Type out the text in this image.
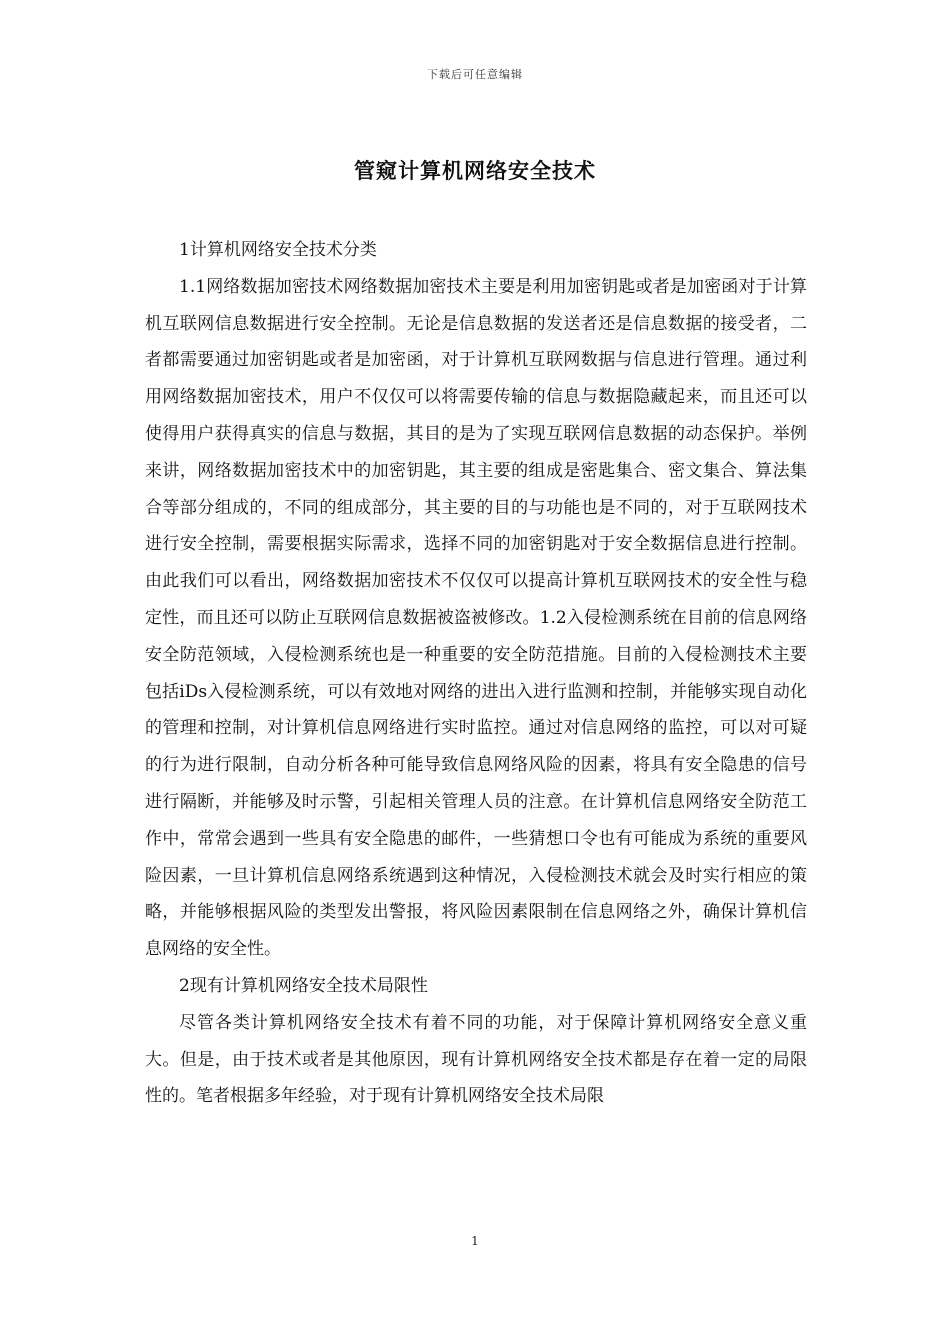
下载后可任意编辑
管窥计算机网络安全技术

1计算机网络安全技术分类

1.1网络数据加密技术网络数据加密技术主要是利用加密钥匙或者是加密函对于计算机互联网信息数据进行安全控制。无论是信息数据的发送者还是信息数据的接受者，二者都需要通过加密钥匙或者是加密函，对于计算机互联网数据与信息进行管理。通过利用网络数据加密技术，用户不仅仅可以将需要传输的信息与数据隐藏起来，而且还可以使得用户获得真实的信息与数据，其目的是为了实现互联网信息数据的动态保护。举例来讲，网络数据加密技术中的加密钥匙，其主要的组成是密匙集合、密文集合、算法集合等部分组成的，不同的组成部分，其主要的目的与功能也是不同的，对于互联网技术进行安全控制，需要根据实际需求，选择不同的加密钥匙对于安全数据信息进行控制。由此我们可以看出，网络数据加密技术不仅仅可以提高计算机互联网技术的安全性与稳定性，而且还可以防止互联网信息数据被盗被修改。1.2入侵检测系统在目前的信息网络安全防范领域，入侵检测系统也是一种重要的安全防范措施。目前的入侵检测技术主要包括iDs入侵检测系统，可以有效地对网络的进出入进行监测和控制，并能够实现自动化的管理和控制，对计算机信息网络进行实时监控。通过对信息网络的监控，可以对可疑的行为进行限制，自动分析各种可能导致信息网络风险的因素，将具有安全隐患的信号进行隔断，并能够及时示警，引起相关管理人员的注意。在计算机信息网络安全防范工作中，常常会遇到一些具有安全隐患的邮件，一些猜想口令也有可能成为系统的重要风险因素，一旦计算机信息网络系统遇到这种情况，入侵检测技术就会及时实行相应的策略，并能够根据风险的类型发出警报，将风险因素限制在信息网络之外，确保计算机信息网络的安全性。

2现有计算机网络安全技术局限性

尽管各类计算机网络安全技术有着不同的功能，对于保障计算机网络安全意义重大。但是，由于技术或者是其他原因，现有计算机网络安全技术都是存在着一定的局限性的。笔者根据多年经验，对于现有计算机网络安全技术局限

1
